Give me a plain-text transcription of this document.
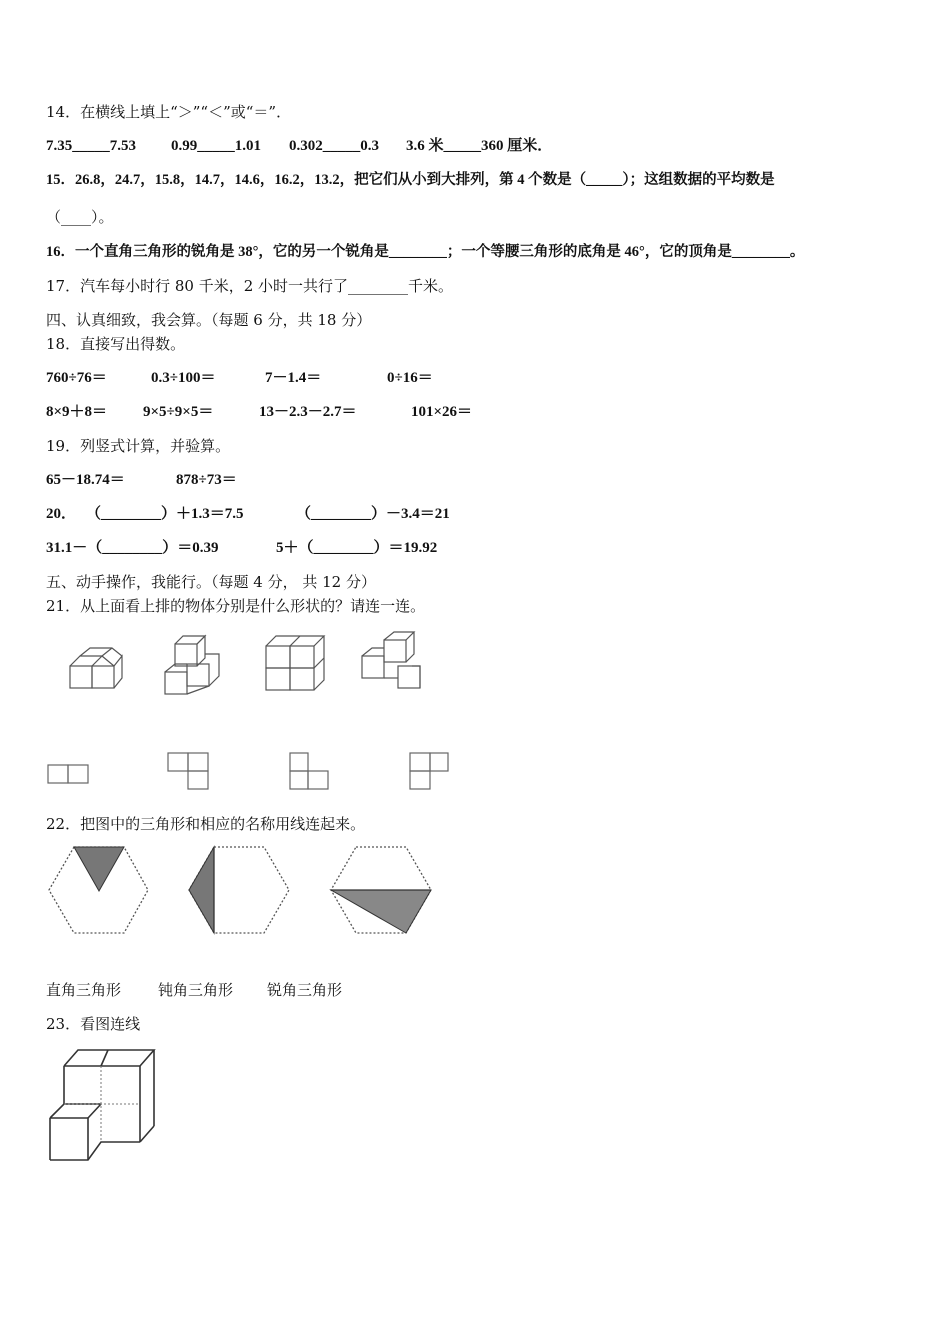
14．在横线上填上“＞”“＜”或“＝”．
7.35_____7.53 0.99_____1.01 0.302_____0.3 3.6 米_____360 厘米．
15．26.8，24.7，15.8，14.7，14.6，16.2，13.2，把它们从小到大排列，第 4 个数是（_____）；这组数据的平均数是
（____）。
16．一个直角三角形的锐角是 38°，它的另一个锐角是________；一个等腰三角形的底角是 46°，它的顶角是________。
17．汽车每小时行 80 千米，2 小时一共行了________千米。
四、认真细致，我会算。（每题 6 分，共 18 分）
18．直接写出得数。
760÷76＝	0.3÷100＝	7－1.4＝	0÷16＝
8×9＋8＝ 9×5÷9×5＝	13－2.3－2.7＝	101×26＝
19．列竖式计算，并验算。
65－18.74＝	878÷73＝
20． （________）＋1.3＝7.5	（________）－3.4＝21
31.1－（________）＝0.39	5＋（________）＝19.92
五、动手操作，我能行。（每题 4 分， 共 12 分）
21．从上面看上排的物体分别是什么形状的？请连一连。
22．把图中的三角形和相应的名称用线连起来。
直角三角形 钝角三角形 锐角三角形
23．看图连线
